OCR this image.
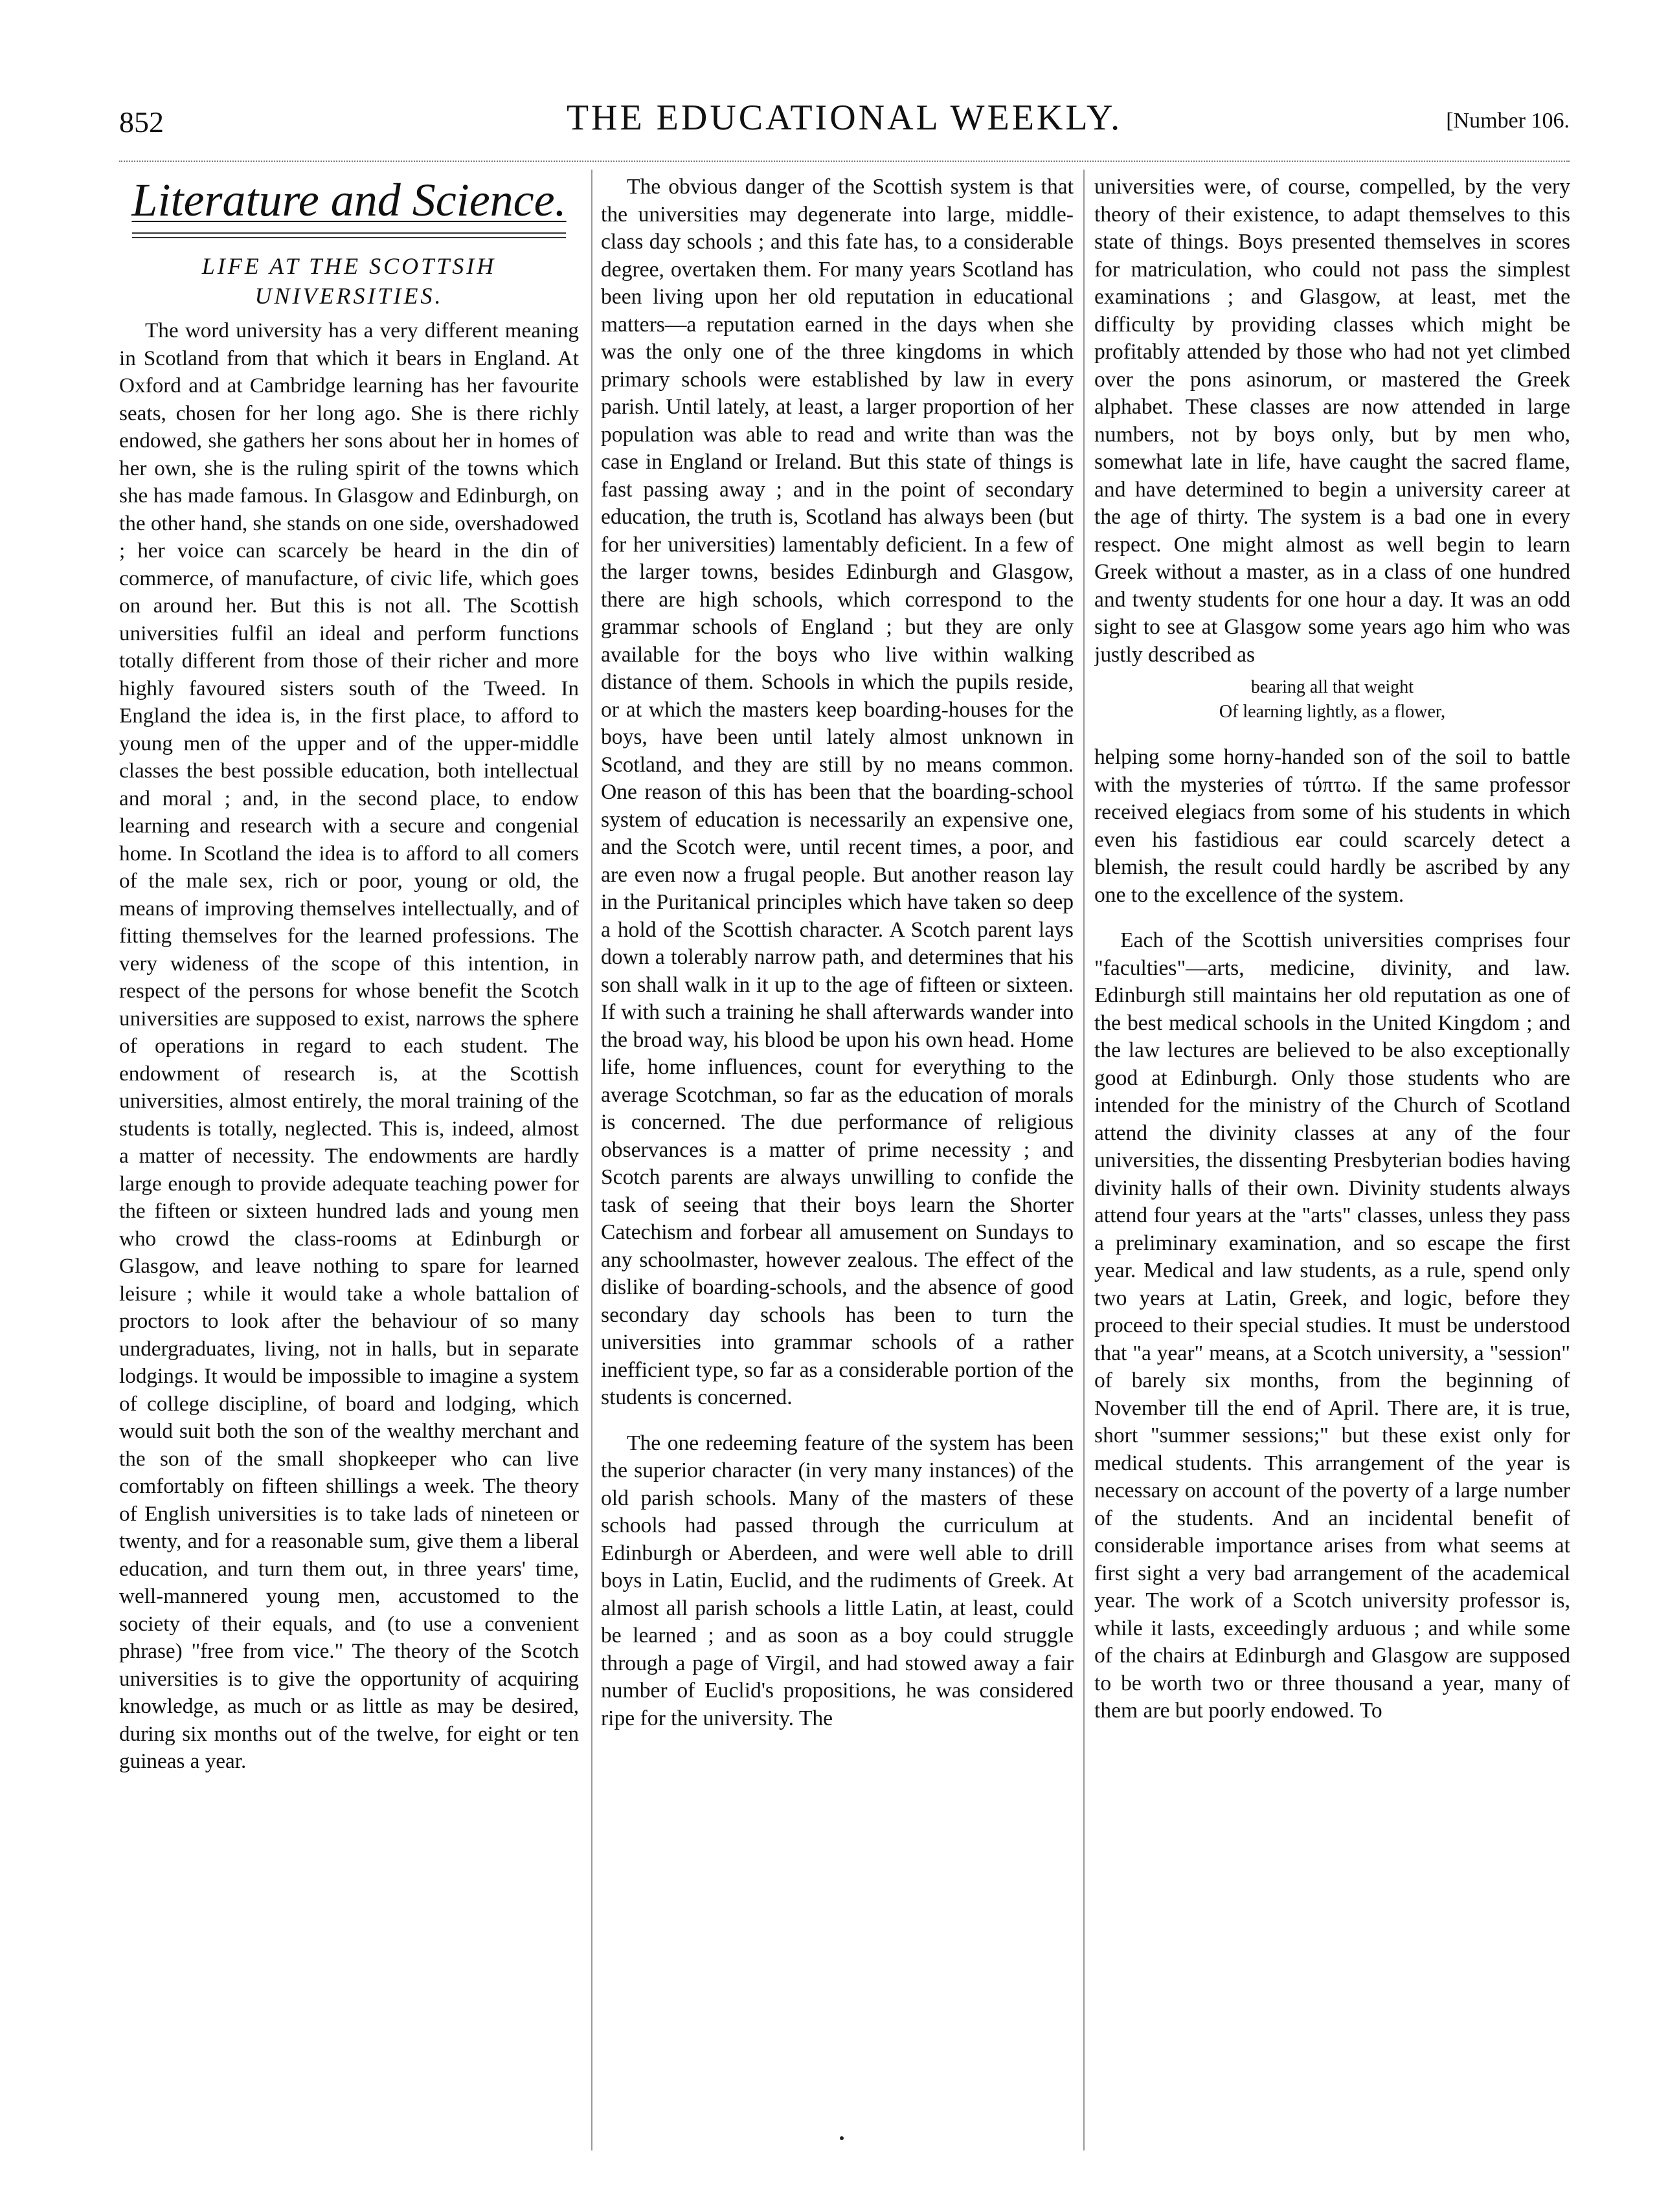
852	THE EDUCATIONAL WEEKLY.	[Number 106.
Literature and Science.
LIFE AT THE SCOTTSIH UNIVERSITIES.

The word university has a very different meaning in Scotland from that which it bears in England. At Oxford and at Cambridge learning has her favourite seats, chosen for her long ago. She is there richly endowed, she gathers her sons about her in homes of her own, she is the ruling spirit of the towns which she has made famous. In Glasgow and Edinburgh, on the other hand, she stands on one side, overshadowed ; her voice can scarcely be heard in the din of commerce, of manufacture, of civic life, which goes on around her. But this is not all. The Scottish universities fulfil an ideal and perform functions totally different from those of their richer and more highly favoured sisters south of the Tweed. In England the idea is, in the first place, to afford to young men of the upper and of the upper-middle classes the best possible education, both intellectual and moral ; and, in the second place, to endow learning and research with a secure and congenial home. In Scotland the idea is to afford to all comers of the male sex, rich or poor, young or old, the means of improving themselves intellectually, and of fitting themselves for the learned professions. The very wideness of the scope of this intention, in respect of the persons for whose benefit the Scotch universities are supposed to exist, narrows the sphere of operations in regard to each student. The endowment of research is, at the Scottish universities, almost entirely, the moral training of the students is totally, neglected. This is, indeed, almost a matter of necessity. The endowments are hardly large enough to provide adequate teaching power for the fifteen or sixteen hundred lads and young men who crowd the class-rooms at Edinburgh or Glasgow, and leave nothing to spare for learned leisure ; while it would take a whole battalion of proctors to look after the behaviour of so many undergraduates, living, not in halls, but in separate lodgings. It would be impossible to imagine a system of college discipline, of board and lodging, which would suit both the son of the wealthy merchant and the son of the small shopkeeper who can live comfortably on fifteen shillings a week. The theory of English universities is to take lads of nineteen or twenty, and for a reasonable sum, give them a liberal education, and turn them out, in three years' time, well-mannered young men, accustomed to the society of their equals, and (to use a convenient phrase) "free from vice." The theory of the Scotch universities is to give the opportunity of acquiring knowledge, as much or as little as may be desired, during six months out of the twelve, for eight or ten guineas a year.

The obvious danger of the Scottish system is that the universities may degenerate into large, middle-class day schools ; and this fate has, to a considerable degree, overtaken them. For many years Scotland has been living upon her old reputation in educational matters—a reputation earned in the days when she was the only one of the three kingdoms in which primary schools were established by law in every parish. Until lately, at least, a larger proportion of her population was able to read and write than was the case in England or Ireland. But this state of things is fast passing away ; and in the point of secondary education, the truth is, Scotland has always been (but for her universities) lamentably deficient. In a few of the larger towns, besides Edinburgh and Glasgow, there are high schools, which correspond to the grammar schools of England ; but they are only available for the boys who live within walking distance of them. Schools in which the pupils reside, or at which the masters keep boarding-houses for the boys, have been until lately almost unknown in Scotland, and they are still by no means common. One reason of this has been that the boarding-school system of education is necessarily an expensive one, and the Scotch were, until recent times, a poor, and are even now a frugal people. But another reason lay in the Puritanical principles which have taken so deep a hold of the Scottish character. A Scotch parent lays down a tolerably narrow path, and determines that his son shall walk in it up to the age of fifteen or sixteen. If with such a training he shall afterwards wander into the broad way, his blood be upon his own head. Home life, home influences, count for everything to the average Scotchman, so far as the education of morals is concerned. The due performance of religious observances is a matter of prime necessity ; and Scotch parents are always unwilling to confide the task of seeing that their boys learn the Shorter Catechism and forbear all amusement on Sundays to any schoolmaster, however zealous. The effect of the dislike of boarding-schools, and the absence of good secondary day schools has been to turn the universities into grammar schools of a rather inefficient type, so far as a considerable portion of the students is concerned.

The one redeeming feature of the system has been the superior character (in very many instances) of the old parish schools. Many of the masters of these schools had passed through the curriculum at Edinburgh or Aberdeen, and were well able to drill boys in Latin, Euclid, and the rudiments of Greek. At almost all parish schools a little Latin, at least, could be learned ; and as soon as a boy could struggle through a page of Virgil, and had stowed away a fair number of Euclid's propositions, he was considered ripe for the university. The

universities were, of course, compelled, by the very theory of their existence, to adapt themselves to this state of things. Boys presented themselves in scores for matriculation, who could not pass the simplest examinations ; and Glasgow, at least, met the difficulty by providing classes which might be profitably attended by those who had not yet climbed over the pons asinorum, or mastered the Greek alphabet. These classes are now attended in large numbers, not by boys only, but by men who, somewhat late in life, have caught the sacred flame, and have determined to begin a university career at the age of thirty. The system is a bad one in every respect. One might almost as well begin to learn Greek without a master, as in a class of one hundred and twenty students for one hour a day. It was an odd sight to see at Glasgow some years ago him who was justly described as

bearing all that weight
Of learning lightly, as a flower,

helping some horny-handed son of the soil to battle with the mysteries of τύπτω. If the same professor received elegiacs from some of his students in which even his fastidious ear could scarcely detect a blemish, the result could hardly be ascribed by any one to the excellence of the system.

Each of the Scottish universities comprises four "faculties"—arts, medicine, divinity, and law. Edinburgh still maintains her old reputation as one of the best medical schools in the United Kingdom ; and the law lectures are believed to be also exceptionally good at Edinburgh. Only those students who are intended for the ministry of the Church of Scotland attend the divinity classes at any of the four universities, the dissenting Presbyterian bodies having divinity halls of their own. Divinity students always attend four years at the "arts" classes, unless they pass a preliminary examination, and so escape the first year. Medical and law students, as a rule, spend only two years at Latin, Greek, and logic, before they proceed to their special studies. It must be understood that "a year" means, at a Scotch university, a "session" of barely six months, from the beginning of November till the end of April. There are, it is true, short "summer sessions;" but these exist only for medical students. This arrangement of the year is necessary on account of the poverty of a large number of the students. And an incidental benefit of considerable importance arises from what seems at first sight a very bad arrangement of the academical year. The work of a Scotch university professor is, while it lasts, exceedingly arduous ; and while some of the chairs at Edinburgh and Glasgow are supposed to be worth two or three thousand a year, many of them are but poorly endowed. To
